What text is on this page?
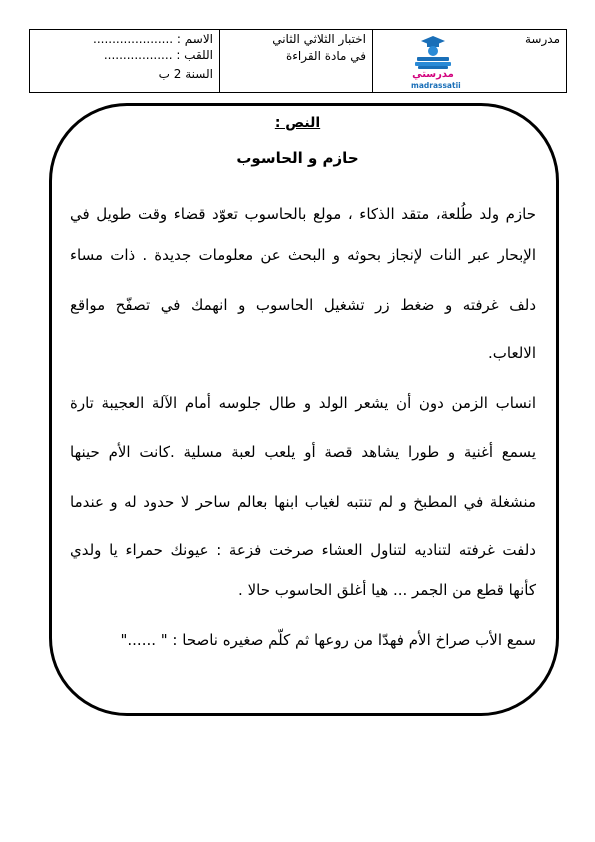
مدرسة
مدرستي
madrassatii
اختبار الثلاثي الثاني
في مادة القراءة
الاسم : .....................
اللقب : ..................
السنة 2 ب
النص :
حازم و الحاسوب
حازم ولد طُلعة، متقد الذكاء ، مولع بالحاسوب تعوّد قضاء وقت طويل في
الإبحار عبر النات لإنجاز بحوثه و البحث عن معلومات جديدة . ذات مساء
دلف غرفته و ضغط زر تشغيل الحاسوب و انهمك في تصفّح مواقع
الالعاب.
انساب الزمن دون أن يشعر الولد و طال جلوسه أمام الآلة العجيبة تارة
يسمع أغنية و طورا يشاهد قصة أو يلعب لعبة مسلية .كانت الأم حينها
منشغلة في المطبخ و لم تنتبه لغياب ابنها بعالم ساحر لا حدود له و عندما
دلفت غرفته لتناديه لتناول العشاء صرخت فزعة : عيونك حمراء يا ولدي
كأنها قطع من الجمر ... هيا أغلق الحاسوب حالا .
سمع الأب صراخ الأم فهدّا من روعها ثم كلّم صغيره ناصحا : " ......"
